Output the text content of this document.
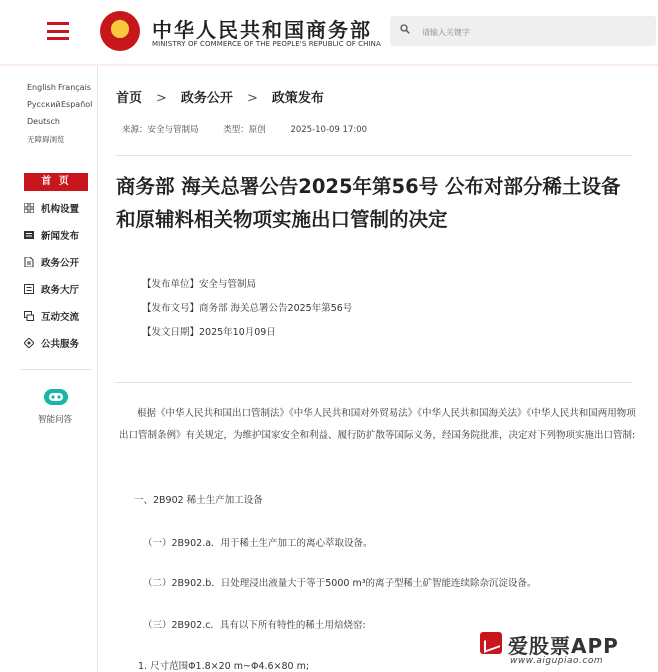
中华人民共和国商务部
MINISTRY OF COMMERCE OF THE PEOPLE'S REPUBLIC OF CHINA
请输入关键字
English Français
Русский Español
Deutsch
无障碍浏览
首 页
机构设置
新闻发布
政务公开
政务大厅
互动交流
公共服务
智能问答
首页 > 政务公开 > 政策发布
来源：安全与管制局	类型：原创	2025-10-09 17:00
商务部 海关总署公告2025年第56号 公布对部分稀土设备和原辅料相关物项实施出口管制的决定
【发布单位】安全与管制局
【发布文号】商务部 海关总署公告2025年第56号
【发文日期】2025年10月09日
根据《中华人民共和国出口管制法》《中华人民共和国对外贸易法》《中华人民共和国海关法》《中华人民共和国两用物项出口管制条例》有关规定，为维护国家安全和利益、履行防扩散等国际义务，经国务院批准，决定对下列物项实施出口管制:
一、2B902 稀土生产加工设备
（一）2B902.a．用于稀土生产加工的离心萃取设备。
（二）2B902.b．日处理浸出液量大于等于5000 m³的离子型稀土矿智能连续除杂沉淀设备。
（三）2B902.c．具有以下所有特性的稀土用焙烧窑:
1. 尺寸范围Φ1.8×20 m~Φ4.6×80 m;
爱股票APP
www.aigupiao.com
